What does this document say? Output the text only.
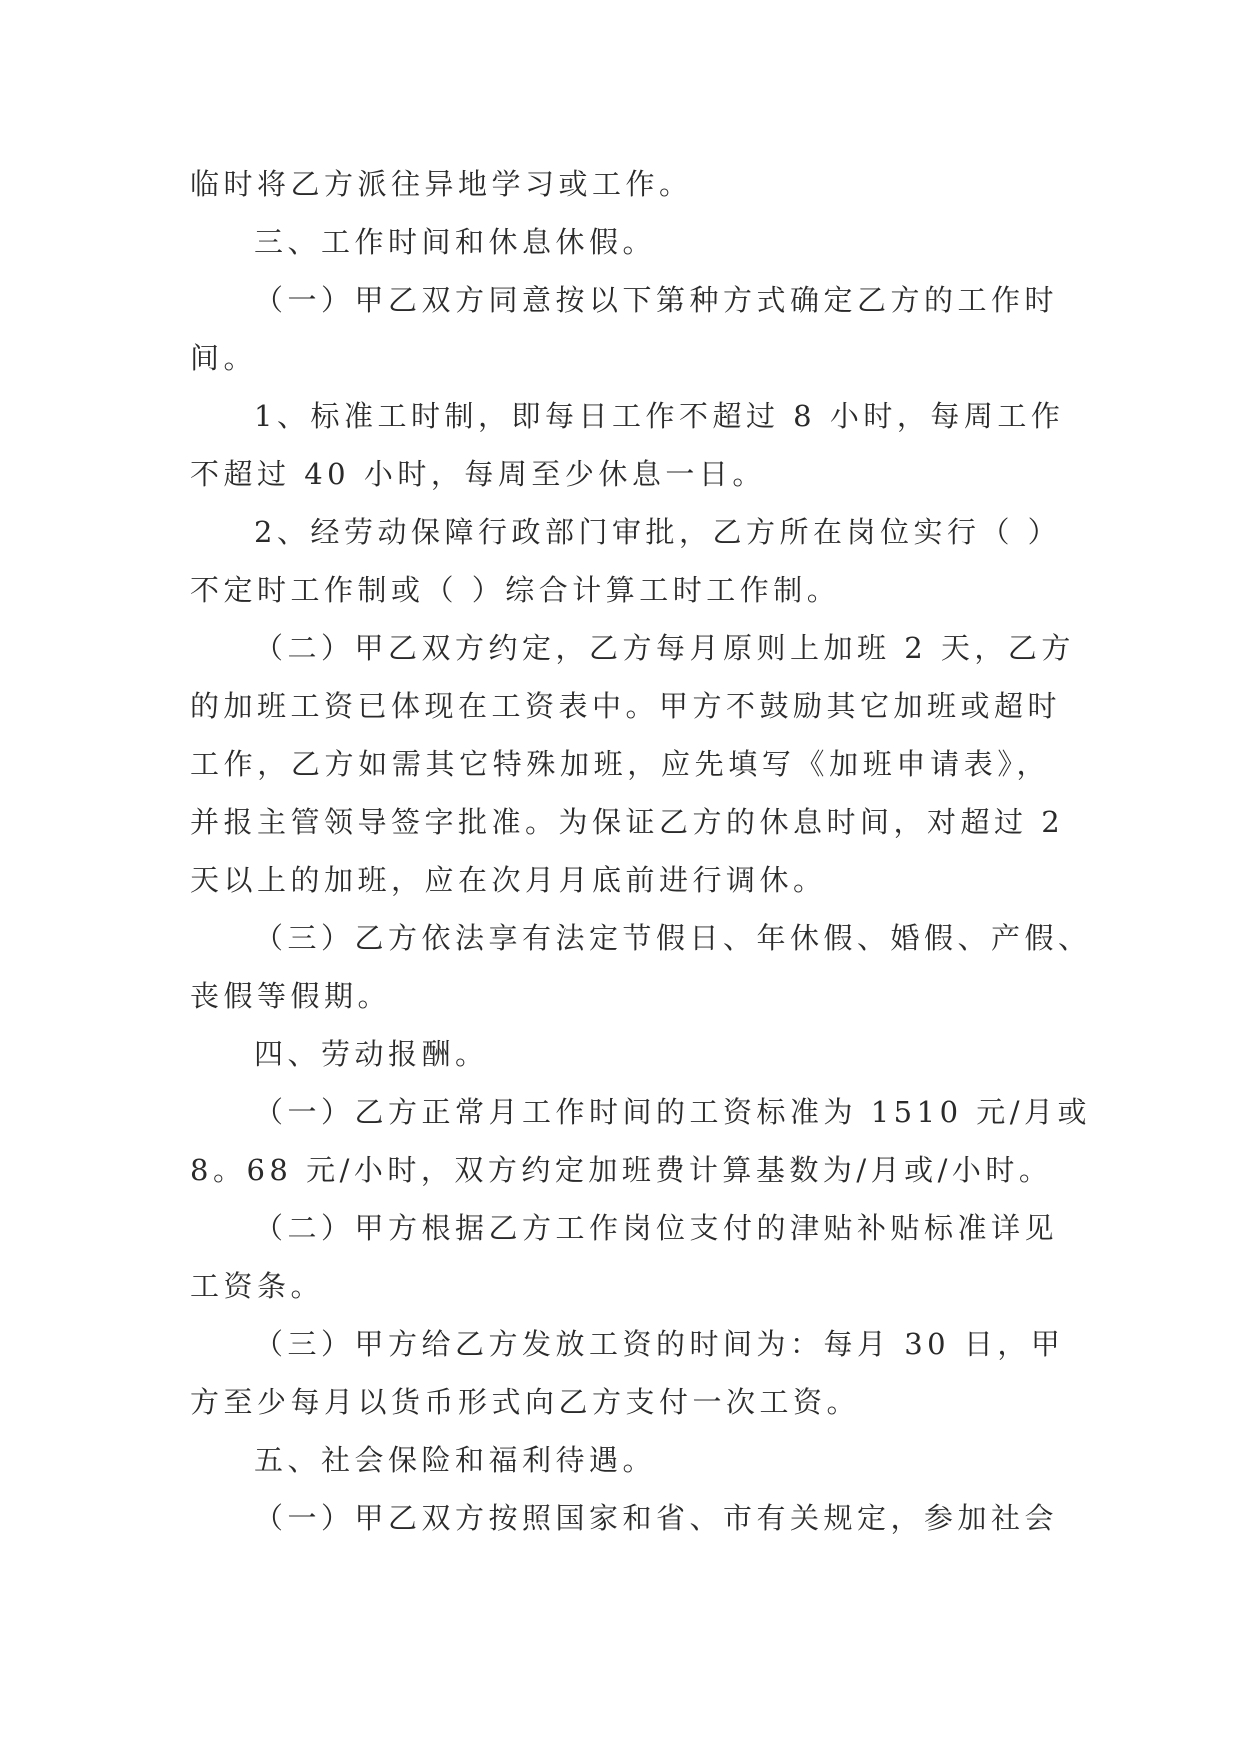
临时将乙方派往异地学习或工作。
三、工作时间和休息休假。
（一）甲乙双方同意按以下第种方式确定乙方的工作时
间。
1、标准工时制，即每日工作不超过 8 小时，每周工作
不超过 40 小时，每周至少休息一日。
2、经劳动保障行政部门审批，乙方所在岗位实行（ ）
不定时工作制或（ ）综合计算工时工作制。
（二）甲乙双方约定，乙方每月原则上加班 2 天，乙方
的加班工资已体现在工资表中。甲方不鼓励其它加班或超时
工作，乙方如需其它特殊加班，应先填写《加班申请表》，
并报主管领导签字批准。为保证乙方的休息时间，对超过 2
天以上的加班，应在次月月底前进行调休。
（三）乙方依法享有法定节假日、年休假、婚假、产假、
丧假等假期。
四、劳动报酬。
（一）乙方正常月工作时间的工资标准为 1510 元/月或
8。68 元/小时，双方约定加班费计算基数为/月或/小时。
（二）甲方根据乙方工作岗位支付的津贴补贴标准详见
工资条。
（三）甲方给乙方发放工资的时间为：每月 30 日，甲
方至少每月以货币形式向乙方支付一次工资。
五、社会保险和福利待遇。
（一）甲乙双方按照国家和省、市有关规定，参加社会
